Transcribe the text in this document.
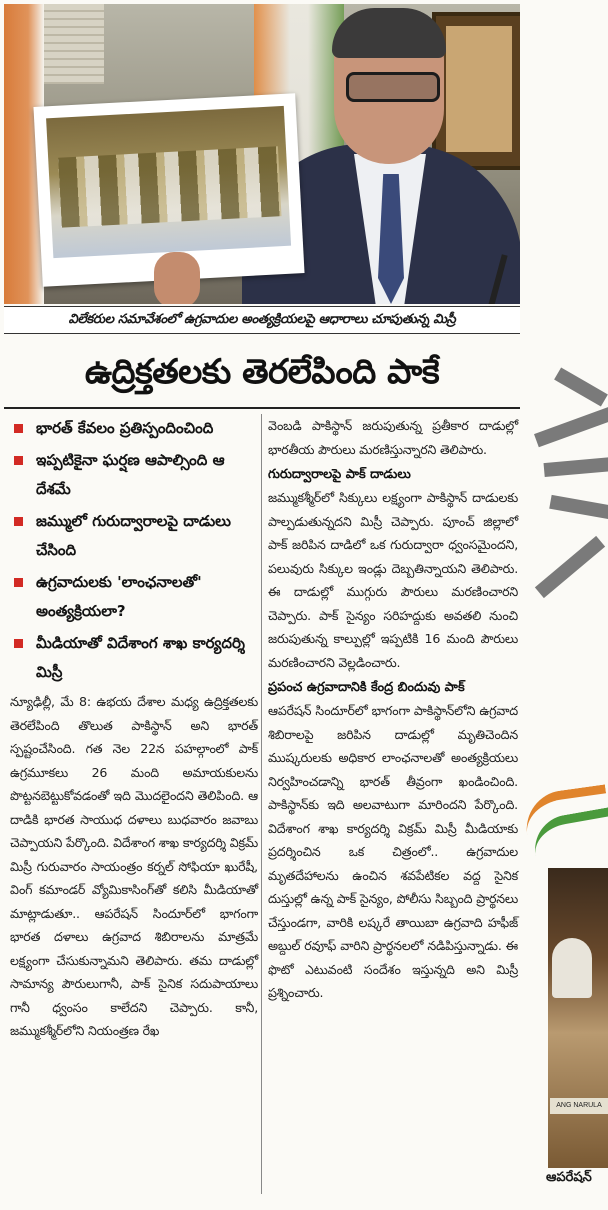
విలేకరుల సమావేశంలో ఉగ్రవాదుల అంత్యక్రియలపై ఆధారాలు చూపుతున్న మిస్రీ
ఉద్రిక్తతలకు తెరలేపింది పాకే
భారత్ కేవలం ప్రతిస్పందించింది
ఇప్పటికైనా ఘర్షణ ఆపాల్సింది ఆ దేశమే
జమ్ములో గురుద్వారాలపై దాడులు చేసింది
ఉగ్రవాదులకు 'లాంఛనాలతో' అంత్యక్రియలా?
మీడియాతో విదేశాంగ శాఖ కార్యదర్శి మిస్రీ

న్యూఢిల్లీ, మే 8: ఉభయ దేశాల మధ్య ఉద్రిక్తతలకు తెరలేపింది తొలుత పాకిస్థాన్ అని భారత్ స్పష్టంచేసింది. గత నెల 22న పహల్గాంలో పాక్ ఉగ్రమూకలు 26 మంది అమాయకులను పొట్టనబెట్టుకోవడంతో ఇది మొదలైందని తెలిపింది. ఆ దాడికి భారత సాయుధ దళాలు బుధవారం జవాబు చెప్పాయని పేర్కొంది. విదేశాంగ శాఖ కార్యదర్శి విక్రమ్ మిస్రీ గురువారం సాయంత్రం కర్నల్ సోఫియా ఖురేషీ, వింగ్ కమాండర్ వ్యోమికాసింగ్‌తో కలిసి మీడియాతో మాట్లాడుతూ.. ఆపరేషన్ సిందూర్‌లో భాగంగా భారత దళాలు ఉగ్రవాద శిబిరాలను మాత్రమే లక్ష్యంగా చేసుకున్నామని తెలిపారు. తమ దాడుల్లో సామాన్య పౌరులుగానీ, పాక్ సైనిక సదుపాయాలు గానీ ధ్వంసం కాలేదని చెప్పారు. కానీ, జమ్ముకశ్మీర్‌లోని నియంత్రణ రేఖ

వెంబడి పాకిస్థాన్ జరుపుతున్న ప్రతీకార దాడుల్లో భారతీయ పౌరులు మరణిస్తున్నారని తెలిపారు.

గురుద్వారాలపై పాక్ దాడులు

జమ్ముకశ్మీర్‌లో సిక్కులు లక్ష్యంగా పాకిస్థాన్ దాడులకు పాల్పడుతున్నదని మిస్రీ చెప్పారు. పూంచ్ జిల్లాలో పాక్ జరిపిన దాడిలో ఒక గురుద్వారా ధ్వంసమైందని, పలువురు సిక్కుల ఇండ్లు దెబ్బతిన్నాయని తెలిపారు. ఈ దాడుల్లో ముగ్గురు పౌరులు మరణించారని చెప్పారు. పాక్ సైన్యం సరిహద్దుకు అవతలి నుంచి జరుపుతున్న కాల్పుల్లో ఇప్పటికి 16 మంది పౌరులు మరణించారని వెల్లడించారు.

ప్రపంచ ఉగ్రవాదానికి కేంద్ర బిందువు పాక్

ఆపరేషన్ సిందూర్‌లో భాగంగా పాకిస్థాన్‌లోని ఉగ్రవాద శిబిరాలపై జరిపిన దాడుల్లో మృతిచెందిన ముష్కరులకు అధికార లాంఛనాలతో అంత్యక్రియలు నిర్వహించడాన్ని భారత్ తీవ్రంగా ఖండించింది. పాకిస్థాన్‌కు ఇది అలవాటుగా మారిందని పేర్కొంది. విదేశాంగ శాఖ కార్యదర్శి విక్రమ్ మిస్రీ మీడియాకు ప్రదర్శించిన ఒక చిత్రంలో.. ఉగ్రవాదుల మృతదేహాలను ఉంచిన శవపేటికల వద్ద సైనిక దుస్తుల్లో ఉన్న పాక్ సైన్యం, పోలీసు సిబ్బంది ప్రార్థనలు చేస్తుండగా, వారికి లష్కరే తాయిబా ఉగ్రవాది హఫీజ్ అబ్దుల్ రవూఫ్ వారిని ప్రార్థనలలో నడిపిస్తున్నాడు. ఈ ఫొటో ఎటువంటి సందేశం ఇస్తున్నది అని మిస్రీ ప్రశ్నించారు.

ANG NARULA
ఆపరేషన్
